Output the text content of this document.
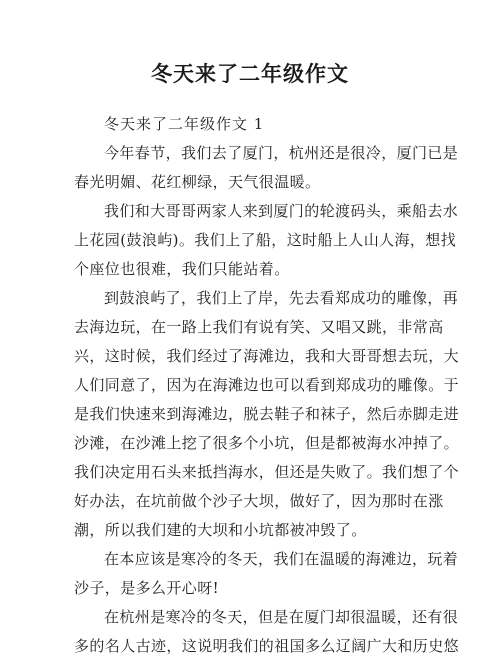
冬天来了二年级作文
冬天来了二年级作文 1
今年春节，我们去了厦门，杭州还是很冷，厦门已是
春光明媚、花红柳绿，天气很温暖。
我们和大哥哥两家人来到厦门的轮渡码头，乘船去水
上花园(鼓浪屿)。我们上了船，这时船上人山人海，想找
个座位也很难，我们只能站着。
到鼓浪屿了，我们上了岸，先去看郑成功的雕像，再
去海边玩，在一路上我们有说有笑、又唱又跳，非常高
兴，这时候，我们经过了海滩边，我和大哥哥想去玩，大
人们同意了，因为在海滩边也可以看到郑成功的雕像。于
是我们快速来到海滩边，脱去鞋子和袜子，然后赤脚走进
沙滩，在沙滩上挖了很多个小坑，但是都被海水冲掉了。
我们决定用石头来抵挡海水，但还是失败了。我们想了个
好办法，在坑前做个沙子大坝，做好了，因为那时在涨
潮，所以我们建的大坝和小坑都被冲毁了。
在本应该是寒冷的冬天，我们在温暖的海滩边，玩着
沙子，是多么开心呀!
在杭州是寒冷的冬天，但是在厦门却很温暖，还有很
多的名人古迹，这说明我们的祖国多么辽阔广大和历史悠
